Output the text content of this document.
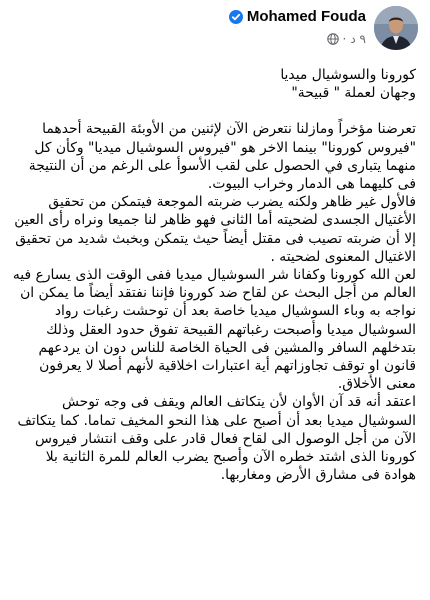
Mohamed Fouda
· ٩ د

كورونا والسوشيال ميديا
وجهان لعملة " قبيحة"

تعرضنا مؤخراً ومازلنا نتعرض الآن لإثنين من الأوبئة القبيحة أحدهما "فيروس كورونا" بينما الاخر هو "فيروس السوشيال ميديا" وكأن كل منهما يتبارى في الحصول على لقب الأسوأ على الرغم من أن النتيجة فى كليهما هى الدمار وخراب البيوت.

فالأول غير ظاهر ولكنه يضرب ضربته الموجعة فيتمكن من تحقيق الأغتيال الجسدى لضحيته أما الثانى فهو ظاهر لنا جميعا ونراه رأى العين إلا أن ضربته تصيب فى مقتل أيضاً حيث يتمكن وبخبث شديد من تحقيق الاغتيال المعنوى لضحيته .

لعن الله كورونا وكفانا شر السوشيال ميديا ففى الوقت الذى يسارع فيه العالم من أجل البحث عن لقاح ضد كورونا فإننا نفتقد أيضاً ما يمكن ان نواجه به وباء السوشيال ميديا خاصة بعد أن توحشت رغبات رواد السوشيال ميديا وأصبحت رغباتهم القبيحة تفوق حدود العقل وذلك بتدخلهم السافر والمشين فى الحياة الخاصة للناس دون ان يردعهم قانون او توقف تجاوزاتهم أية اعتبارات اخلاقية لأنهم أصلا لا يعرفون معنى الأخلاق.

اعتقد أنه قد آن الأوان لأن يتكاتف العالم ويقف فى وجه توحش السوشيال ميديا بعد أن أصبح على هذا النحو المخيف تماما. كما يتكاتف الآن من أجل الوصول الى لقاح فعال قادر على وقف انتشار فيروس كورونا الذى اشتد خطره الآن وأصبح يضرب العالم للمرة الثانية بلا هوادة فى مشارق الأرض ومغاربها.
